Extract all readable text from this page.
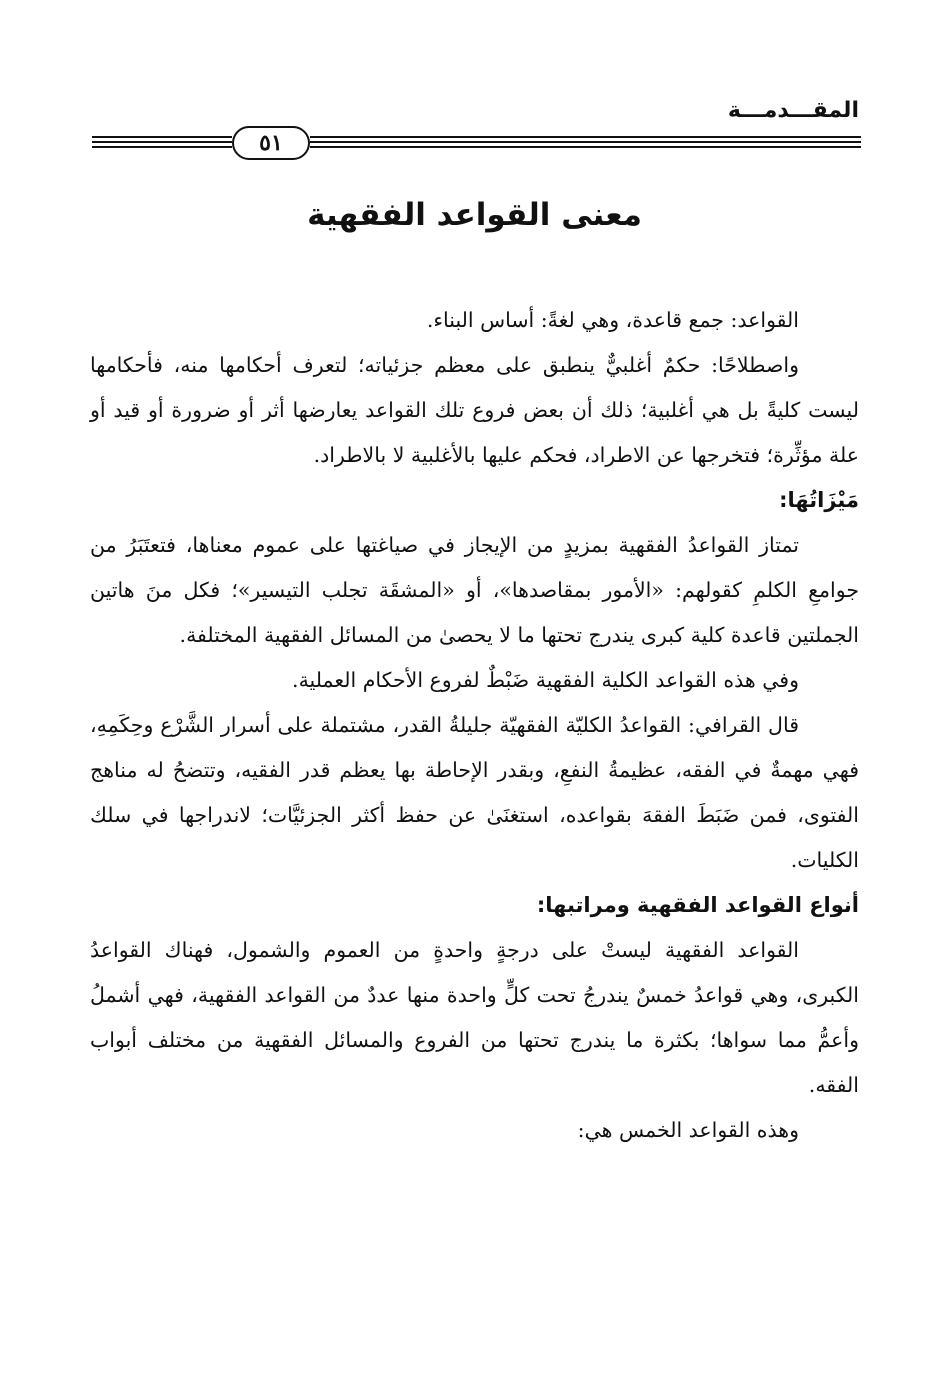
المقـــدمـــة
٥١
معنى القواعد الفقهية

القواعد: جمع قاعدة، وهي لغةً: أساس البناء.

واصطلاحًا: حكمٌ أغلبيٌّ ينطبق على معظم جزئياته؛ لتعرف أحكامها منه، فأحكامها ليست كليةً بل هي أغلبية؛ ذلك أن بعض فروع تلك القواعد يعارضها أثر أو ضرورة أو قيد أو علة مؤثِّرة؛ فتخرجها عن الاطراد، فحكم عليها بالأغلبية لا بالاطراد.

مَيْزَاتُهَا:

تمتاز القواعدُ الفقهية بمزيدٍ من الإيجاز في صياغتها على عموم معناها، فتعتَبَرُ من جوامعِ الكلمِ كقولهم: «الأمور بمقاصدها»، أو «المشقَة تجلب التيسير»؛ فكل منَ هاتين الجملتين قاعدة كلية كبرى يندرج تحتها ما لا يحصىٰ من المسائل الفقهية المختلفة.

وفي هذه القواعد الكلية الفقهية ضَبْطٌ لفروع الأحكام العملية.

قال القرافي: القواعدُ الكليّة الفقهيّة جليلةُ القدر، مشتملة على أسرار الشَّرْع وحِكَمِهِ، فهي مهمةٌ في الفقه، عظيمةُ النفعِ، وبقدر الإحاطة بها يعظم قدر الفقيه، وتتضحُ له مناهج الفتوى، فمن ضَبَطَ الفقهَ بقواعده، استغنَىٰ عن حفظ أكثر الجزئيَّات؛ لاندراجها في سلك الكليات.

أنواع القواعد الفقهية ومراتبها:

القواعد الفقهية ليستْ على درجةٍ واحدةٍ من العموم والشمول، فهناك القواعدُ الكبرى، وهي قواعدُ خمسٌ يندرجُ تحت كلٍّ واحدة منها عددٌ من القواعد الفقهية، فهي أشملُ وأعمُّ مما سواها؛ بكثرة ما يندرج تحتها من الفروع والمسائل الفقهية من مختلف أبواب الفقه.

وهذه القواعد الخمس هي:
